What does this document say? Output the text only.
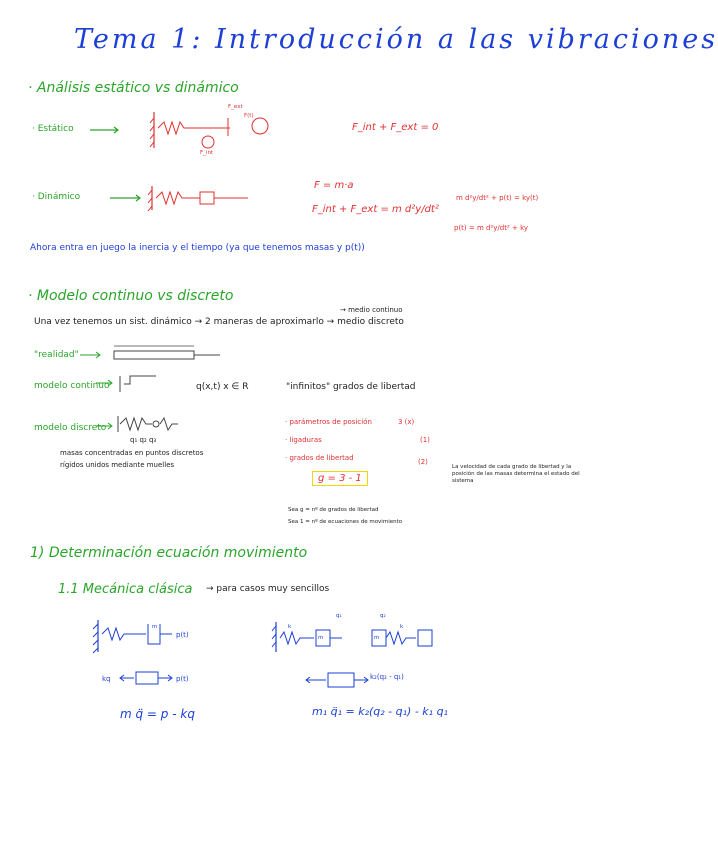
Tema 1: Introducción a las vibraciones
· Análisis estático vs dinámico
· Estático
F(t)
F_ext
F_int
F_int + F_ext = 0
· Dinámico
F = m·a
F_int + F_ext = m d²y/dt²
m d²y/dt² + p(t) = ky(t)
p(t) = m d²y/dt² + ky
Ahora entra en juego la inercia y el tiempo (ya que tenemos masas y p(t))
· Modelo continuo vs discreto
→ medio continuo
Una vez tenemos un sist. dinámico → 2 maneras de aproximarlo → medio discreto
"realidad"
modelo continuo	q(x,t) x ∈ R	"infinitos" grados de libertad
modelo discreto
q₁ q₂ q₃
masas concentradas en puntos discretos
rígidos unidos mediante muelles
· parámetros de posición	3 (x)
· ligaduras	(1)
· grados de libertad	(2)
g = 3 - 1
La velocidad de cada grado de libertad y la posición de las masas determina el estado del sistema
Sea g = nº de grados de libertad
Sea 1 = nº de ecuaciones de movimiento
1) Determinación ecuación movimiento
1.1 Mecánica clásica → para casos muy sencillos
m
p(t)
kq	p(t)
m q̈ = p - kq
m	m
q₁	q₂
k	k
k₂(q₂ - q₁)
m₁ q̈₁ = k₂(q₂ - q₁) - k₁ q₁
